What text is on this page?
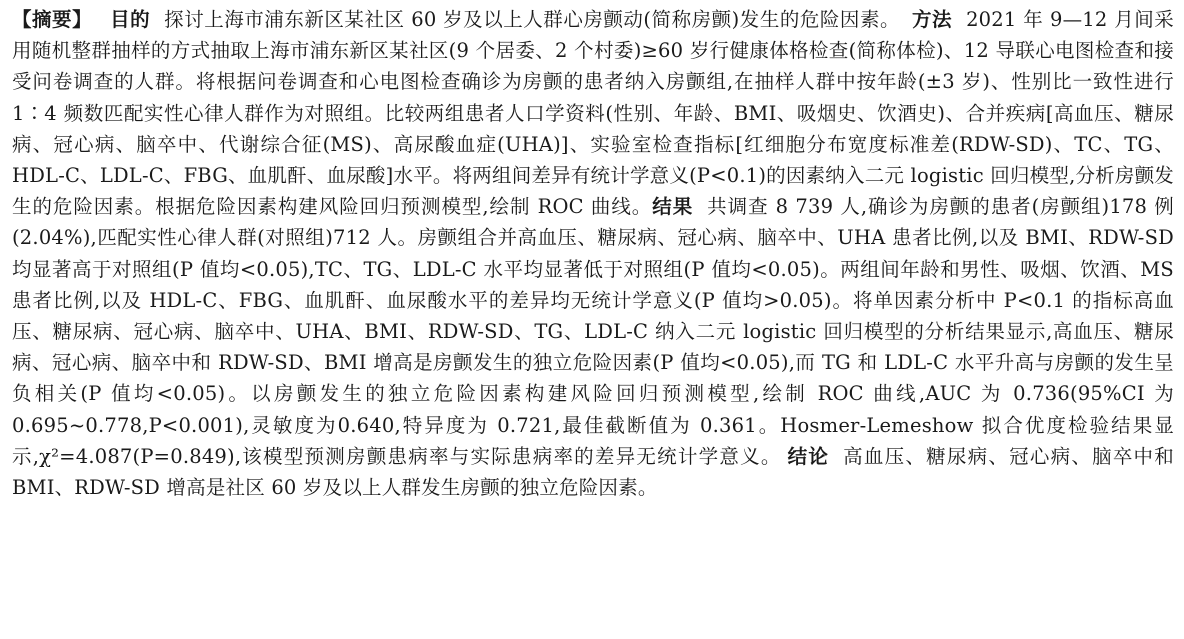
【摘要】 目的 探讨上海市浦东新区某社区 60 岁及以上人群心房颤动(简称房颤)发生的危险因素。 方法 2021 年 9—12 月间采用随机整群抽样的方式抽取上海市浦东新区某社区(9 个居委、2 个村委)≥60 岁行健康体格检查(简称体检)、12 导联心电图检查和接受问卷调查的人群。将根据问卷调查和心电图检查确诊为房颤的患者纳入房颤组,在抽样人群中按年龄(±3 岁)、性别比一致性进行 1∶4 频数匹配实性心律人群作为对照组。比较两组患者人口学资料(性别、年龄、BMI、吸烟史、饮酒史)、合并疾病[高血压、糖尿病、冠心病、脑卒中、代谢综合征(MS)、高尿酸血症(UHA)]、实验室检查指标[红细胞分布宽度标准差(RDW-SD)、TC、TG、HDL-C、LDL-C、FBG、血肌酐、血尿酸]水平。将两组间差异有统计学意义(P<0.1)的因素纳入二元 logistic 回归模型,分析房颤发生的危险因素。根据危险因素构建风险回归预测模型,绘制 ROC 曲线。结果 共调查 8 739 人,确诊为房颤的患者(房颤组)178 例(2.04%),匹配实性心律人群(对照组)712 人。房颤组合并高血压、糖尿病、冠心病、脑卒中、UHA 患者比例,以及 BMI、RDW-SD 均显著高于对照组(P 值均<0.05),TC、TG、LDL-C 水平均显著低于对照组(P 值均<0.05)。两组间年龄和男性、吸烟、饮酒、MS 患者比例,以及 HDL-C、FBG、血肌酐、血尿酸水平的差异均无统计学意义(P 值均>0.05)。将单因素分析中 P<0.1 的指标高血压、糖尿病、冠心病、脑卒中、UHA、BMI、RDW-SD、TG、LDL-C 纳入二元 logistic 回归模型的分析结果显示,高血压、糖尿病、冠心病、脑卒中和 RDW-SD、BMI 增高是房颤发生的独立危险因素(P 值均<0.05),而 TG 和 LDL-C 水平升高与房颤的发生呈负相关(P 值均<0.05)。以房颤发生的独立危险因素构建风险回归预测模型,绘制 ROC 曲线,AUC 为 0.736(95%CI 为 0.695~0.778,P<0.001),灵敏度为0.640,特异度为 0.721,最佳截断值为 0.361。Hosmer-Lemeshow 拟合优度检验结果显示,χ²=4.087(P=0.849),该模型预测房颤患病率与实际患病率的差异无统计学意义。 结论 高血压、糖尿病、冠心病、脑卒中和 BMI、RDW-SD 增高是社区 60 岁及以上人群发生房颤的独立危险因素。
